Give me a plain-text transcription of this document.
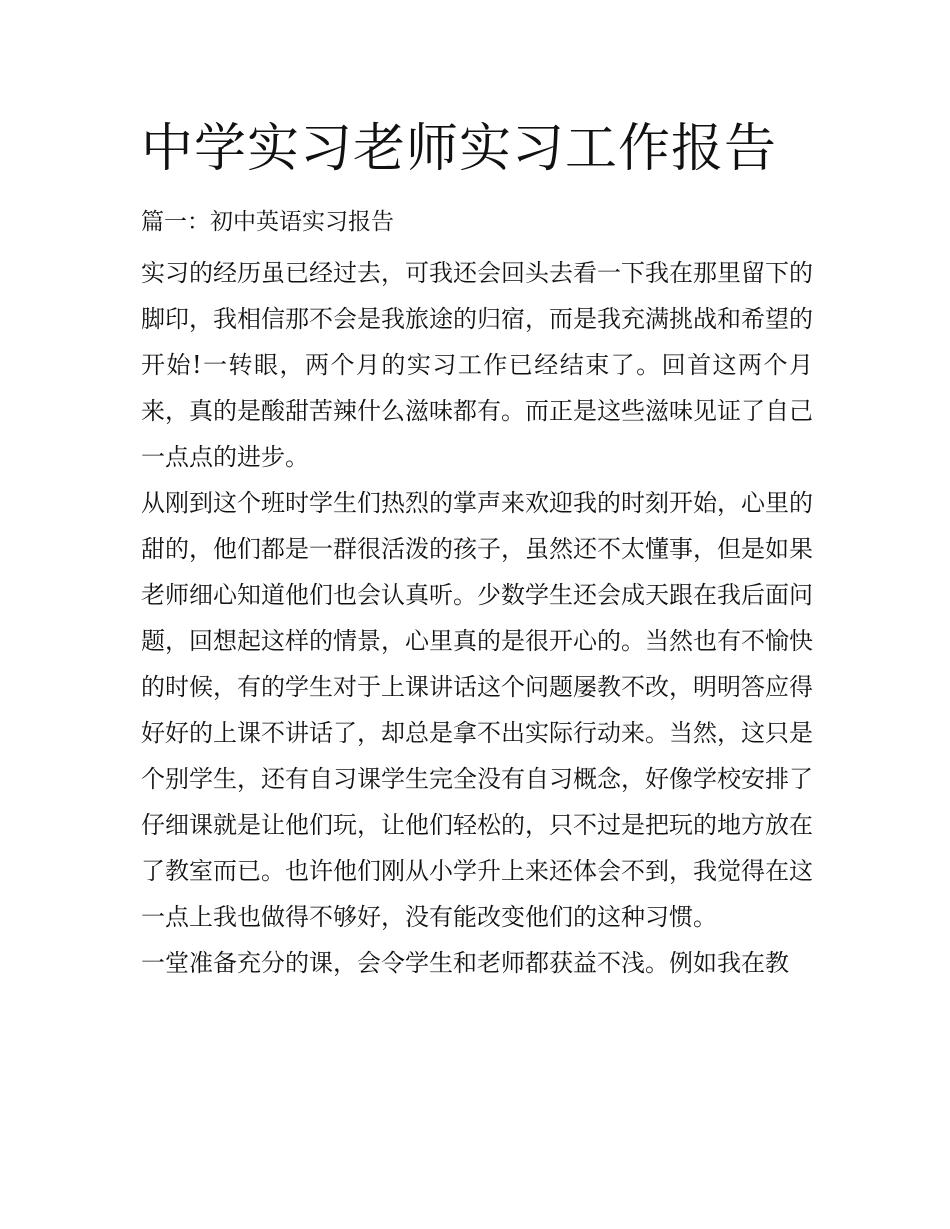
中学实习老师实习工作报告
篇一：初中英语实习报告

实习的经历虽已经过去，可我还会回头去看一下我在那里留下的脚印，我相信那不会是我旅途的归宿，而是我充满挑战和希望的开始!一转眼，两个月的实习工作已经结束了。回首这两个月来，真的是酸甜苦辣什么滋味都有。而正是这些滋味见证了自己一点点的进步。

从刚到这个班时学生们热烈的掌声来欢迎我的时刻开始，心里的甜的，他们都是一群很活泼的孩子，虽然还不太懂事，但是如果老师细心知道他们也会认真听。少数学生还会成天跟在我后面问题，回想起这样的情景，心里真的是很开心的。当然也有不愉快的时候，有的学生对于上课讲话这个问题屡教不改，明明答应得好好的上课不讲话了，却总是拿不出实际行动来。当然，这只是个别学生，还有自习课学生完全没有自习概念，好像学校安排了仔细课就是让他们玩，让他们轻松的，只不过是把玩的地方放在了教室而已。也许他们刚从小学升上来还体会不到，我觉得在这一点上我也做得不够好，没有能改变他们的这种习惯。

一堂准备充分的课，会令学生和老师都获益不浅。例如我在教
